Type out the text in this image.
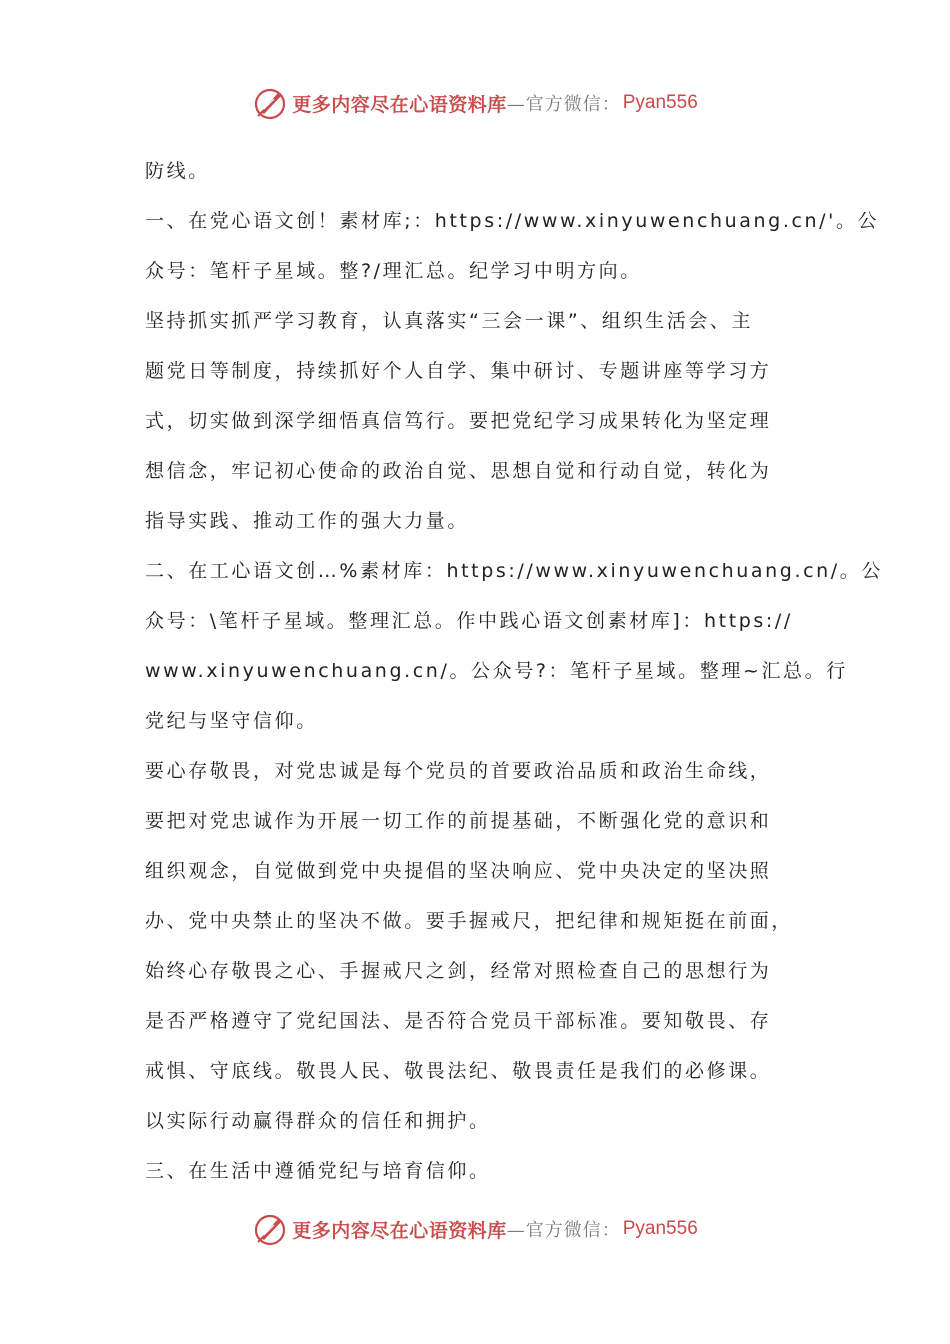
更多内容尽在心语资料库 —官方微信： Pyan556
防线。
一、在党心语文创！素材库;：https://www.xinyuwenchuang.cn/'。公
众号：笔杆子星域。整?/理汇总。纪学习中明方向。
坚持抓实抓严学习教育，认真落实“三会一课”、组织生活会、主
题党日等制度，持续抓好个人自学、集中研讨、专题讲座等学习方
式，切实做到深学细悟真信笃行。要把党纪学习成果转化为坚定理
想信念，牢记初心使命的政治自觉、思想自觉和行动自觉，转化为
指导实践、推动工作的强大力量。
二、在工心语文创…%素材库：https://www.xinyuwenchuang.cn/。公
众号：\笔杆子星域。整理汇总。作中践心语文创素材库]：https://
www.xinyuwenchuang.cn/。公众号?：笔杆子星域。整理~汇总。行
党纪与坚守信仰。
要心存敬畏，对党忠诚是每个党员的首要政治品质和政治生命线，
要把对党忠诚作为开展一切工作的前提基础，不断强化党的意识和
组织观念，自觉做到党中央提倡的坚决响应、党中央决定的坚决照
办、党中央禁止的坚决不做。要手握戒尺，把纪律和规矩挺在前面，
始终心存敬畏之心、手握戒尺之剑，经常对照检查自己的思想行为
是否严格遵守了党纪国法、是否符合党员干部标准。要知敬畏、存
戒惧、守底线。敬畏人民、敬畏法纪、敬畏责任是我们的必修课。
以实际行动赢得群众的信任和拥护。
三、在生活中遵循党纪与培育信仰。
更多内容尽在心语资料库 —官方微信： Pyan556
